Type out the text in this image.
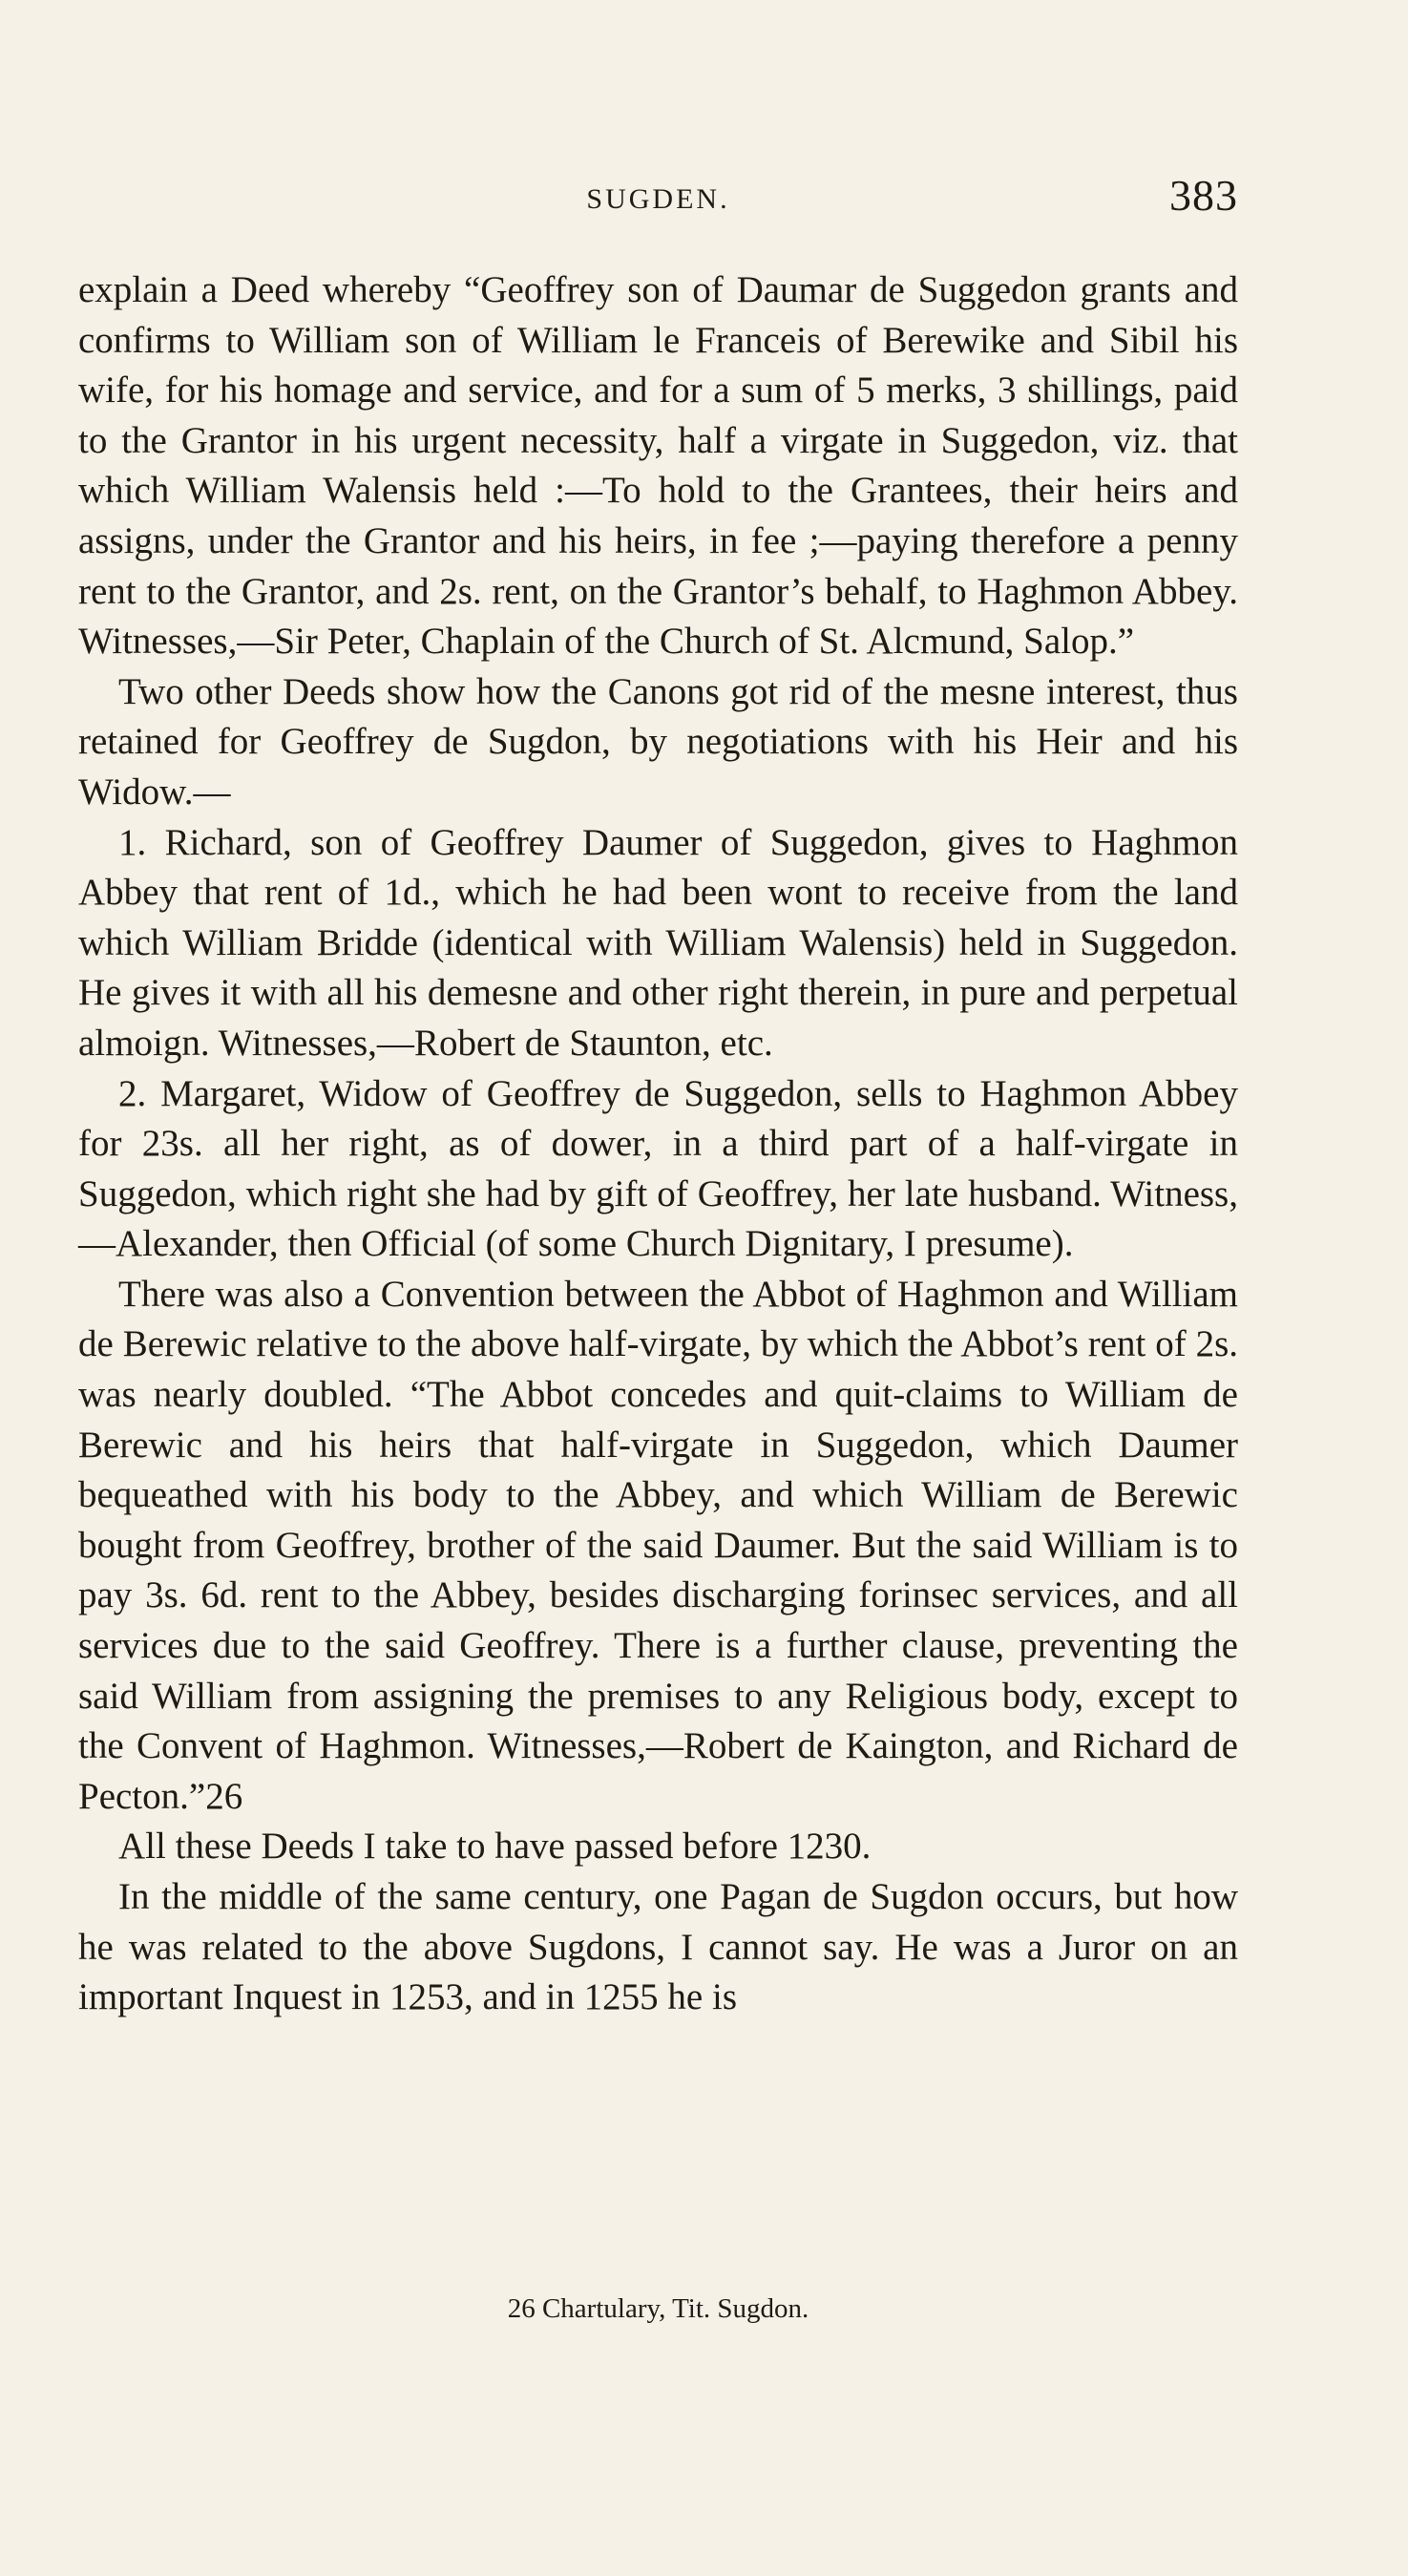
SUGDEN.	383

explain a Deed whereby “Geoffrey son of Daumar de Suggedon grants and confirms to William son of William le Franceis of Berewike and Sibil his wife, for his homage and service, and for a sum of 5 merks, 3 shillings, paid to the Grantor in his urgent necessity, half a virgate in Suggedon, viz. that which William Walensis held :—To hold to the Grantees, their heirs and assigns, under the Grantor and his heirs, in fee ;—paying therefore a penny rent to the Grantor, and 2s. rent, on the Grantor’s behalf, to Haghmon Abbey. Witnesses,—Sir Peter, Chaplain of the Church of St. Alcmund, Salop.”

Two other Deeds show how the Canons got rid of the mesne interest, thus retained for Geoffrey de Sugdon, by negotiations with his Heir and his Widow.—

1. Richard, son of Geoffrey Daumer of Suggedon, gives to Haghmon Abbey that rent of 1d., which he had been wont to receive from the land which William Bridde (identical with William Walensis) held in Suggedon. He gives it with all his demesne and other right therein, in pure and perpetual almoign. Witnesses,—Robert de Staunton, etc.

2. Margaret, Widow of Geoffrey de Suggedon, sells to Haghmon Abbey for 23s. all her right, as of dower, in a third part of a half-virgate in Suggedon, which right she had by gift of Geoffrey, her late husband. Witness,—Alexander, then Official (of some Church Dignitary, I presume).

There was also a Convention between the Abbot of Haghmon and William de Berewic relative to the above half-virgate, by which the Abbot’s rent of 2s. was nearly doubled. “The Abbot concedes and quit-claims to William de Berewic and his heirs that half-virgate in Suggedon, which Daumer bequeathed with his body to the Abbey, and which William de Berewic bought from Geoffrey, brother of the said Daumer. But the said William is to pay 3s. 6d. rent to the Abbey, besides discharging forinsec services, and all services due to the said Geoffrey. There is a further clause, preventing the said William from assigning the premises to any Religious body, except to the Convent of Haghmon. Witnesses,—Robert de Kaington, and Richard de Pecton.”26

All these Deeds I take to have passed before 1230.

In the middle of the same century, one Pagan de Sugdon occurs, but how he was related to the above Sugdons, I cannot say. He was a Juror on an important Inquest in 1253, and in 1255 he is

26 Chartulary, Tit. Sugdon.
